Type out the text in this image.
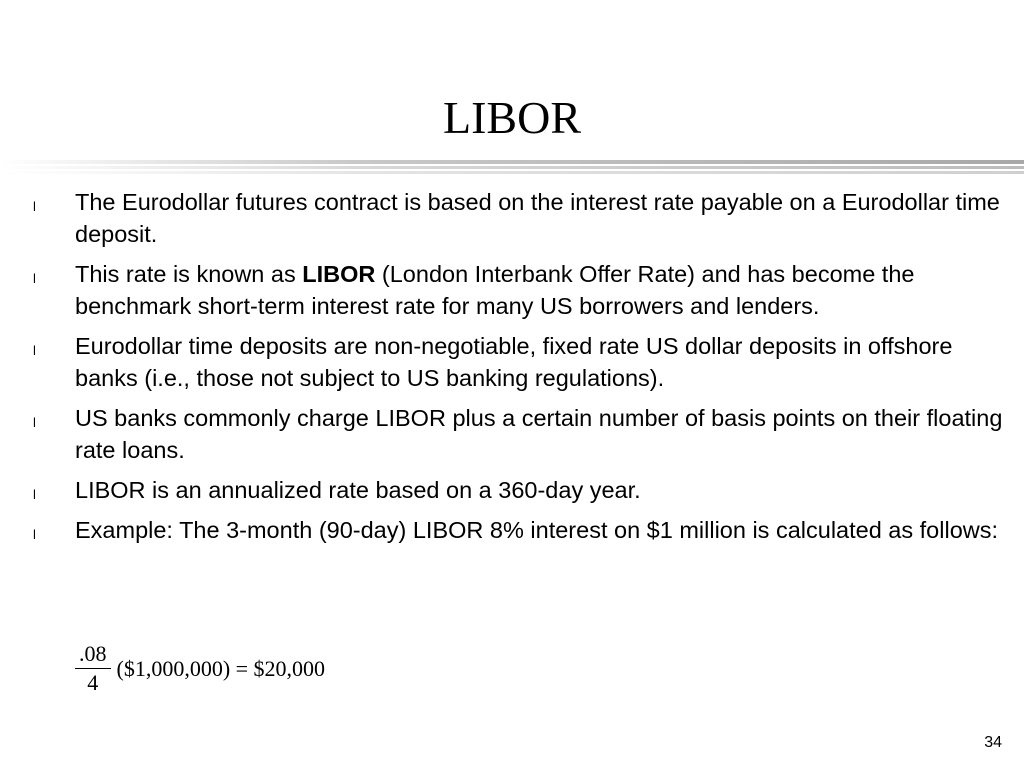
LIBOR
l The Eurodollar futures contract is based on the interest rate payable on a Eurodollar time deposit.
l This rate is known as LIBOR (London Interbank Offer Rate) and has become the benchmark short-term interest rate for many US borrowers and lenders.
l Eurodollar time deposits are non-negotiable, fixed rate US dollar deposits in offshore banks (i.e., those not subject to US banking regulations).
l US banks commonly charge LIBOR plus a certain number of basis points on their floating rate loans.
l LIBOR is an annualized rate based on a 360-day year.
l Example: The 3-month (90-day) LIBOR 8% interest on $1 million is calculated as follows:
$\frac{.08}{4}$ ($1,000,000) = $20,000
34
